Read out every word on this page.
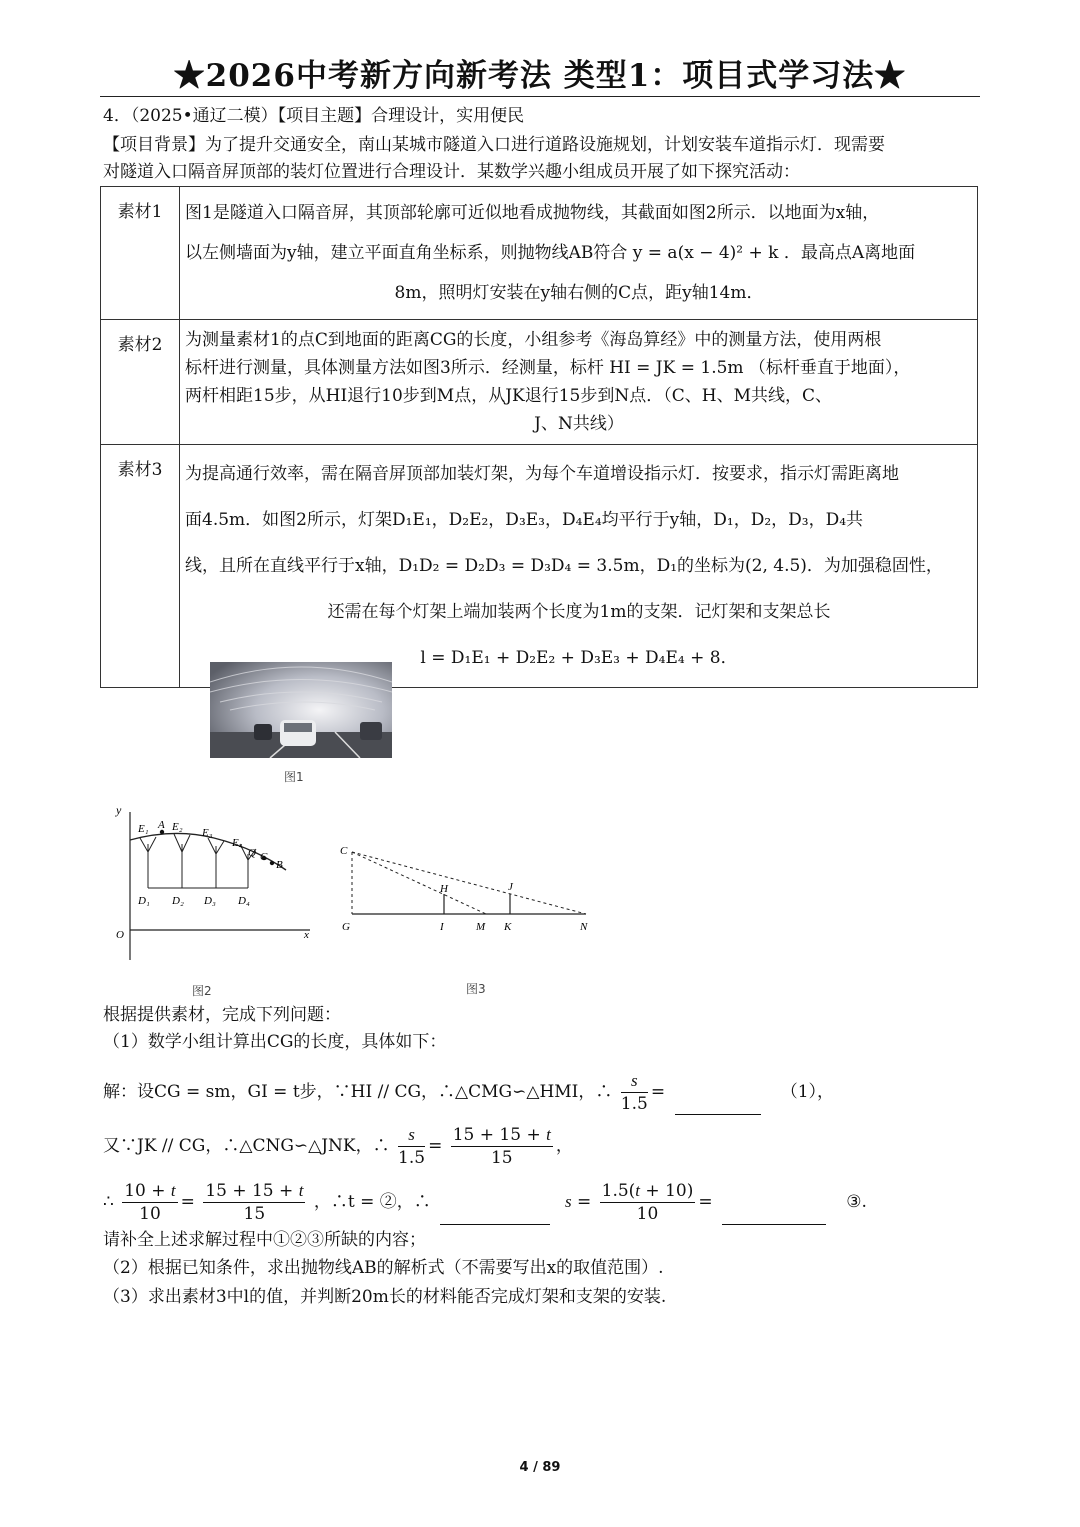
★2026中考新方向新考法 类型1：项目式学习法★
4．（2025•通辽二模）【项目主题】合理设计，实用便民
【项目背景】为了提升交通安全，南山某城市隧道入口进行道路设施规划，计划安装车道指示灯．现需要
对隧道入口隔音屏顶部的装灯位置进行合理设计．某数学兴趣小组成员开展了如下探究活动：
素材1	图1是隧道入口隔音屏，其顶部轮廓可近似地看成抛物线，其截面如图2所示．以地面为x轴，
以左侧墙面为y轴，建立平面直角坐标系，则抛物线AB符合 y = a(x − 4)² + k ．最高点A离地面
8m，照明灯安装在y轴右侧的C点，距y轴14m．

素材2	为测量素材1的点C到地面的距离CG的长度，小组参考《海岛算经》中的测量方法，使用两根
标杆进行测量，具体测量方法如图3所示．经测量，标杆 HI = JK = 1.5m （标杆垂直于地面），
两杆相距15步，从HI退行10步到M点，从JK退行15步到N点．（C、H、M共线，C、
J、N共线）

素材3	为提高通行效率，需在隔音屏顶部加装灯架，为每个车道增设指示灯．按要求，指示灯需距离地
面4.5m．如图2所示，灯架D₁E₁，D₂E₂，D₃E₃，D₄E₄均平行于y轴，D₁，D₂，D₃，D₄共
线，且所在直线平行于x轴，D₁D₂ = D₂D₃ = D₃D₄ = 3.5m，D₁的坐标为(2, 4.5)．为加强稳固性，
还需在每个灯架上端加装两个长度为1m的支架．记灯架和支架总长
l = D₁E₁ + D₂E₂ + D₃E₃ + D₄E₄ + 8．
图1
y
E₁ A E₂ E₃
E₄
Q C
B
D₁ D₂ D₃ D₄
O	x
图2
C
H	J
G	I	M K	N
图3
根据提供素材，完成下列问题：
（1）数学小组计算出CG的长度，具体如下：
解：设CG = sm，GI = t步，∵HI // CG，∴△CMG∽△HMI，∴ $\frac{s}{1.5}$ =	（1），
又∵JK // CG，∴△CNG∽△JNK，∴ $\frac{s}{1.5} = \frac{15 + 15 + t}{15}$ ，
∴ $\frac{10 + t}{10} = \frac{15 + 15 + t}{15}$ ，∴t = ②，∴	$s = \frac{1.5(t + 10)}{10}$ =	③.
请补全上述求解过程中①②③所缺的内容；
（2）根据已知条件，求出抛物线AB的解析式（不需要写出x的取值范围）.
（3）求出素材3中l的值，并判断20m长的材料能否完成灯架和支架的安装.
4 / 89
